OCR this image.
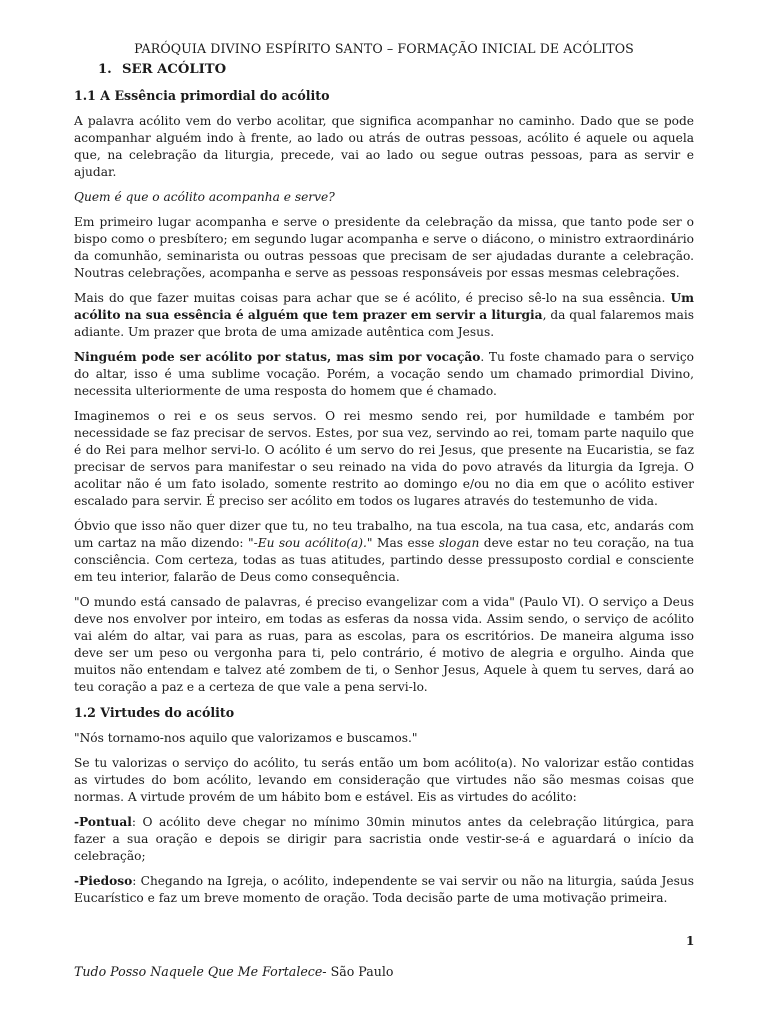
PARÓQUIA DIVINO ESPÍRITO SANTO – FORMAÇÃO INICIAL DE ACÓLITOS
1. SER ACÓLITO
1.1 A Essência primordial do acólito

A palavra acólito vem do verbo acolitar, que significa acompanhar no caminho. Dado que se pode acompanhar alguém indo à frente, ao lado ou atrás de outras pessoas, acólito é aquele ou aquela que, na celebração da liturgia, precede, vai ao lado ou segue outras pessoas, para as servir e ajudar.

Quem é que o acólito acompanha e serve?

Em primeiro lugar acompanha e serve o presidente da celebração da missa, que tanto pode ser o bispo como o presbítero; em segundo lugar acompanha e serve o diácono, o ministro extraordinário da comunhão, seminarista ou outras pessoas que precisam de ser ajudadas durante a celebração. Noutras celebrações, acompanha e serve as pessoas responsáveis por essas mesmas celebrações.

Mais do que fazer muitas coisas para achar que se é acólito, é preciso sê-lo na sua essência. Um acólito na sua essência é alguém que tem prazer em servir a liturgia, da qual falaremos mais adiante. Um prazer que brota de uma amizade autêntica com Jesus.

Ninguém pode ser acólito por status, mas sim por vocação. Tu foste chamado para o serviço do altar, isso é uma sublime vocação. Porém, a vocação sendo um chamado primordial Divino, necessita ulteriormente de uma resposta do homem que é chamado.

Imaginemos o rei e os seus servos. O rei mesmo sendo rei, por humildade e também por necessidade se faz precisar de servos. Estes, por sua vez, servindo ao rei, tomam parte naquilo que é do Rei para melhor servi-lo. O acólito é um servo do rei Jesus, que presente na Eucaristia, se faz precisar de servos para manifestar o seu reinado na vida do povo através da liturgia da Igreja. O acolitar não é um fato isolado, somente restrito ao domingo e/ou no dia em que o acólito estiver escalado para servir. É preciso ser acólito em todos os lugares através do testemunho de vida.

Óbvio que isso não quer dizer que tu, no teu trabalho, na tua escola, na tua casa, etc, andarás com um cartaz na mão dizendo: "-Eu sou acólito(a)." Mas esse slogan deve estar no teu coração, na tua consciência. Com certeza, todas as tuas atitudes, partindo desse pressuposto cordial e consciente em teu interior, falarão de Deus como consequência.

"O mundo está cansado de palavras, é preciso evangelizar com a vida" (Paulo VI). O serviço a Deus deve nos envolver por inteiro, em todas as esferas da nossa vida. Assim sendo, o serviço de acólito vai além do altar, vai para as ruas, para as escolas, para os escritórios. De maneira alguma isso deve ser um peso ou vergonha para ti, pelo contrário, é motivo de alegria e orgulho. Ainda que muitos não entendam e talvez até zombem de ti, o Senhor Jesus, Aquele à quem tu serves, dará ao teu coração a paz e a certeza de que vale a pena servi-lo.

1.2 Virtudes do acólito

"Nós tornamo-nos aquilo que valorizamos e buscamos."

Se tu valorizas o serviço do acólito, tu serás então um bom acólito(a). No valorizar estão contidas as virtudes do bom acólito, levando em consideração que virtudes não são mesmas coisas que normas. A virtude provém de um hábito bom e estável. Eis as virtudes do acólito:

-Pontual: O acólito deve chegar no mínimo 30min minutos antes da celebração litúrgica, para fazer a sua oração e depois se dirigir para sacristia onde vestir-se-á e aguardará o início da celebração;

-Piedoso: Chegando na Igreja, o acólito, independente se vai servir ou não na liturgia, saúda Jesus Eucarístico e faz um breve momento de oração. Toda decisão parte de uma motivação primeira.

1
Tudo Posso Naquele Que Me Fortalece- São Paulo
